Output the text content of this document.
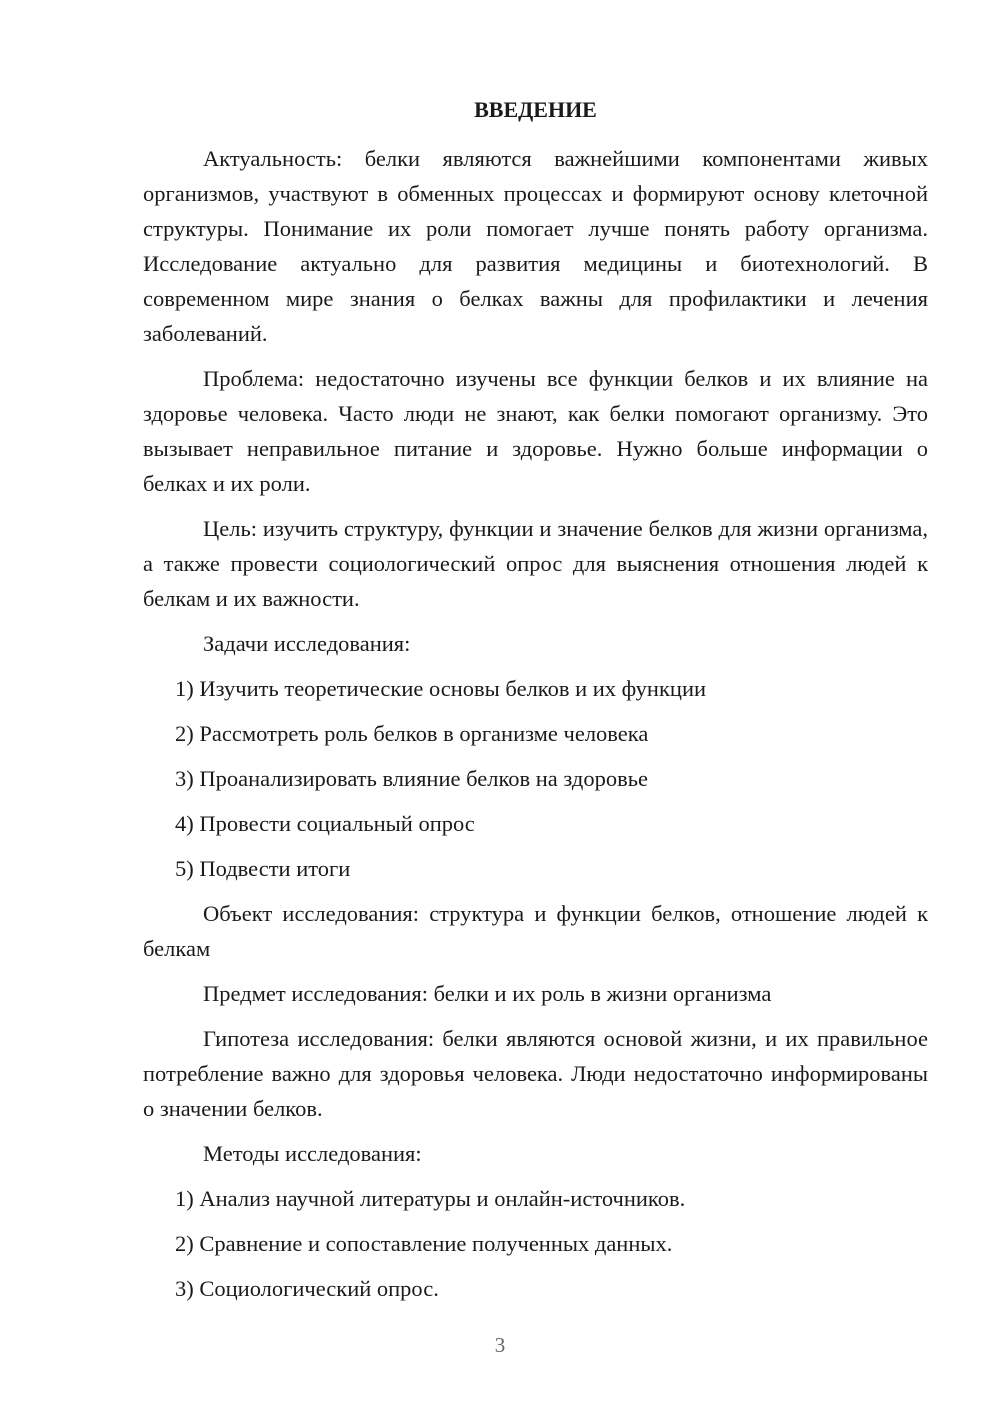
ВВЕДЕНИЕ

Актуальность: белки являются важнейшими компонентами живых организмов, участвуют в обменных процессах и формируют основу клеточной структуры. Понимание их роли помогает лучше понять работу организма. Исследование актуально для развития медицины и биотехнологий. В современном мире знания о белках важны для профилактики и лечения заболеваний.

Проблема: недостаточно изучены все функции белков и их влияние на здоровье человека. Часто люди не знают, как белки помогают организму. Это вызывает неправильное питание и здоровье. Нужно больше информации о белках и их роли.

Цель: изучить структуру, функции и значение белков для жизни организма, а также провести социологический опрос для выяснения отношения людей к белкам и их важности.

Задачи исследования:

1) Изучить теоретические основы белков и их функции

2) Рассмотреть роль белков в организме человека

3) Проанализировать влияние белков на здоровье

4) Провести социальный опрос

5) Подвести итоги

Объект исследования: структура и функции белков, отношение людей к белкам

Предмет исследования: белки и их роль в жизни организма

Гипотеза исследования: белки являются основой жизни, и их правильное потребление важно для здоровья человека. Люди недостаточно информированы о значении белков.

Методы исследования:

1) Анализ научной литературы и онлайн-источников.

2) Сравнение и сопоставление полученных данных.

3) Социологический опрос.

3
